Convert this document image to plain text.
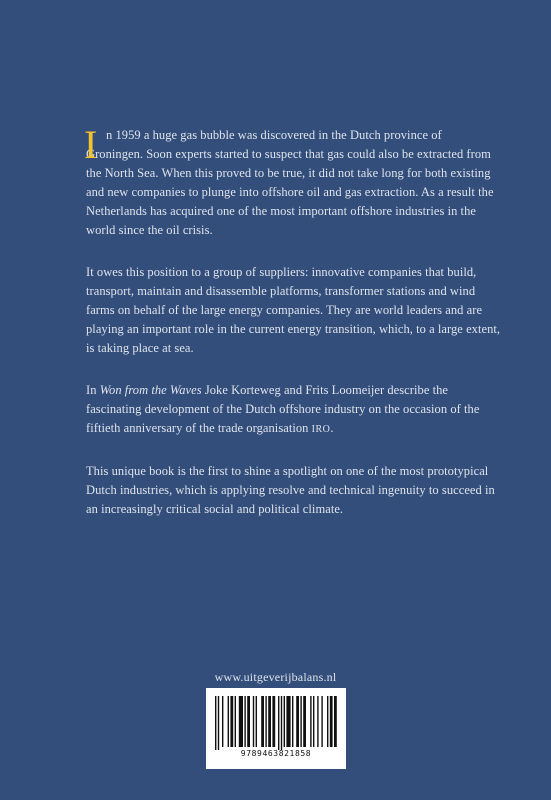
I n 1959 a huge gas bubble was discovered in the Dutch province of
Groningen. Soon experts started to suspect that gas could also be extracted from the North Sea. When this proved to be true, it did not take long for both existing and new companies to plunge into offshore oil and gas extraction. As a result the Netherlands has acquired one of the most important offshore industries in the world since the oil crisis.

It owes this position to a group of suppliers: innovative companies that build, transport, maintain and disassemble platforms, transformer stations and wind farms on behalf of the large energy companies. They are world leaders and are playing an important role in the current energy transition, which, to a large extent, is taking place at sea.

In Won from the Waves Joke Korteweg and Frits Loomeijer describe the fascinating development of the Dutch offshore industry on the occasion of the fiftieth anniversary of the trade organisation IRO.

This unique book is the first to shine a spotlight on one of the most prototypical Dutch industries, which is applying resolve and technical ingenuity to succeed in an increasingly critical social and political climate.

www.uitgeverijbalans.nl
9789463821858
